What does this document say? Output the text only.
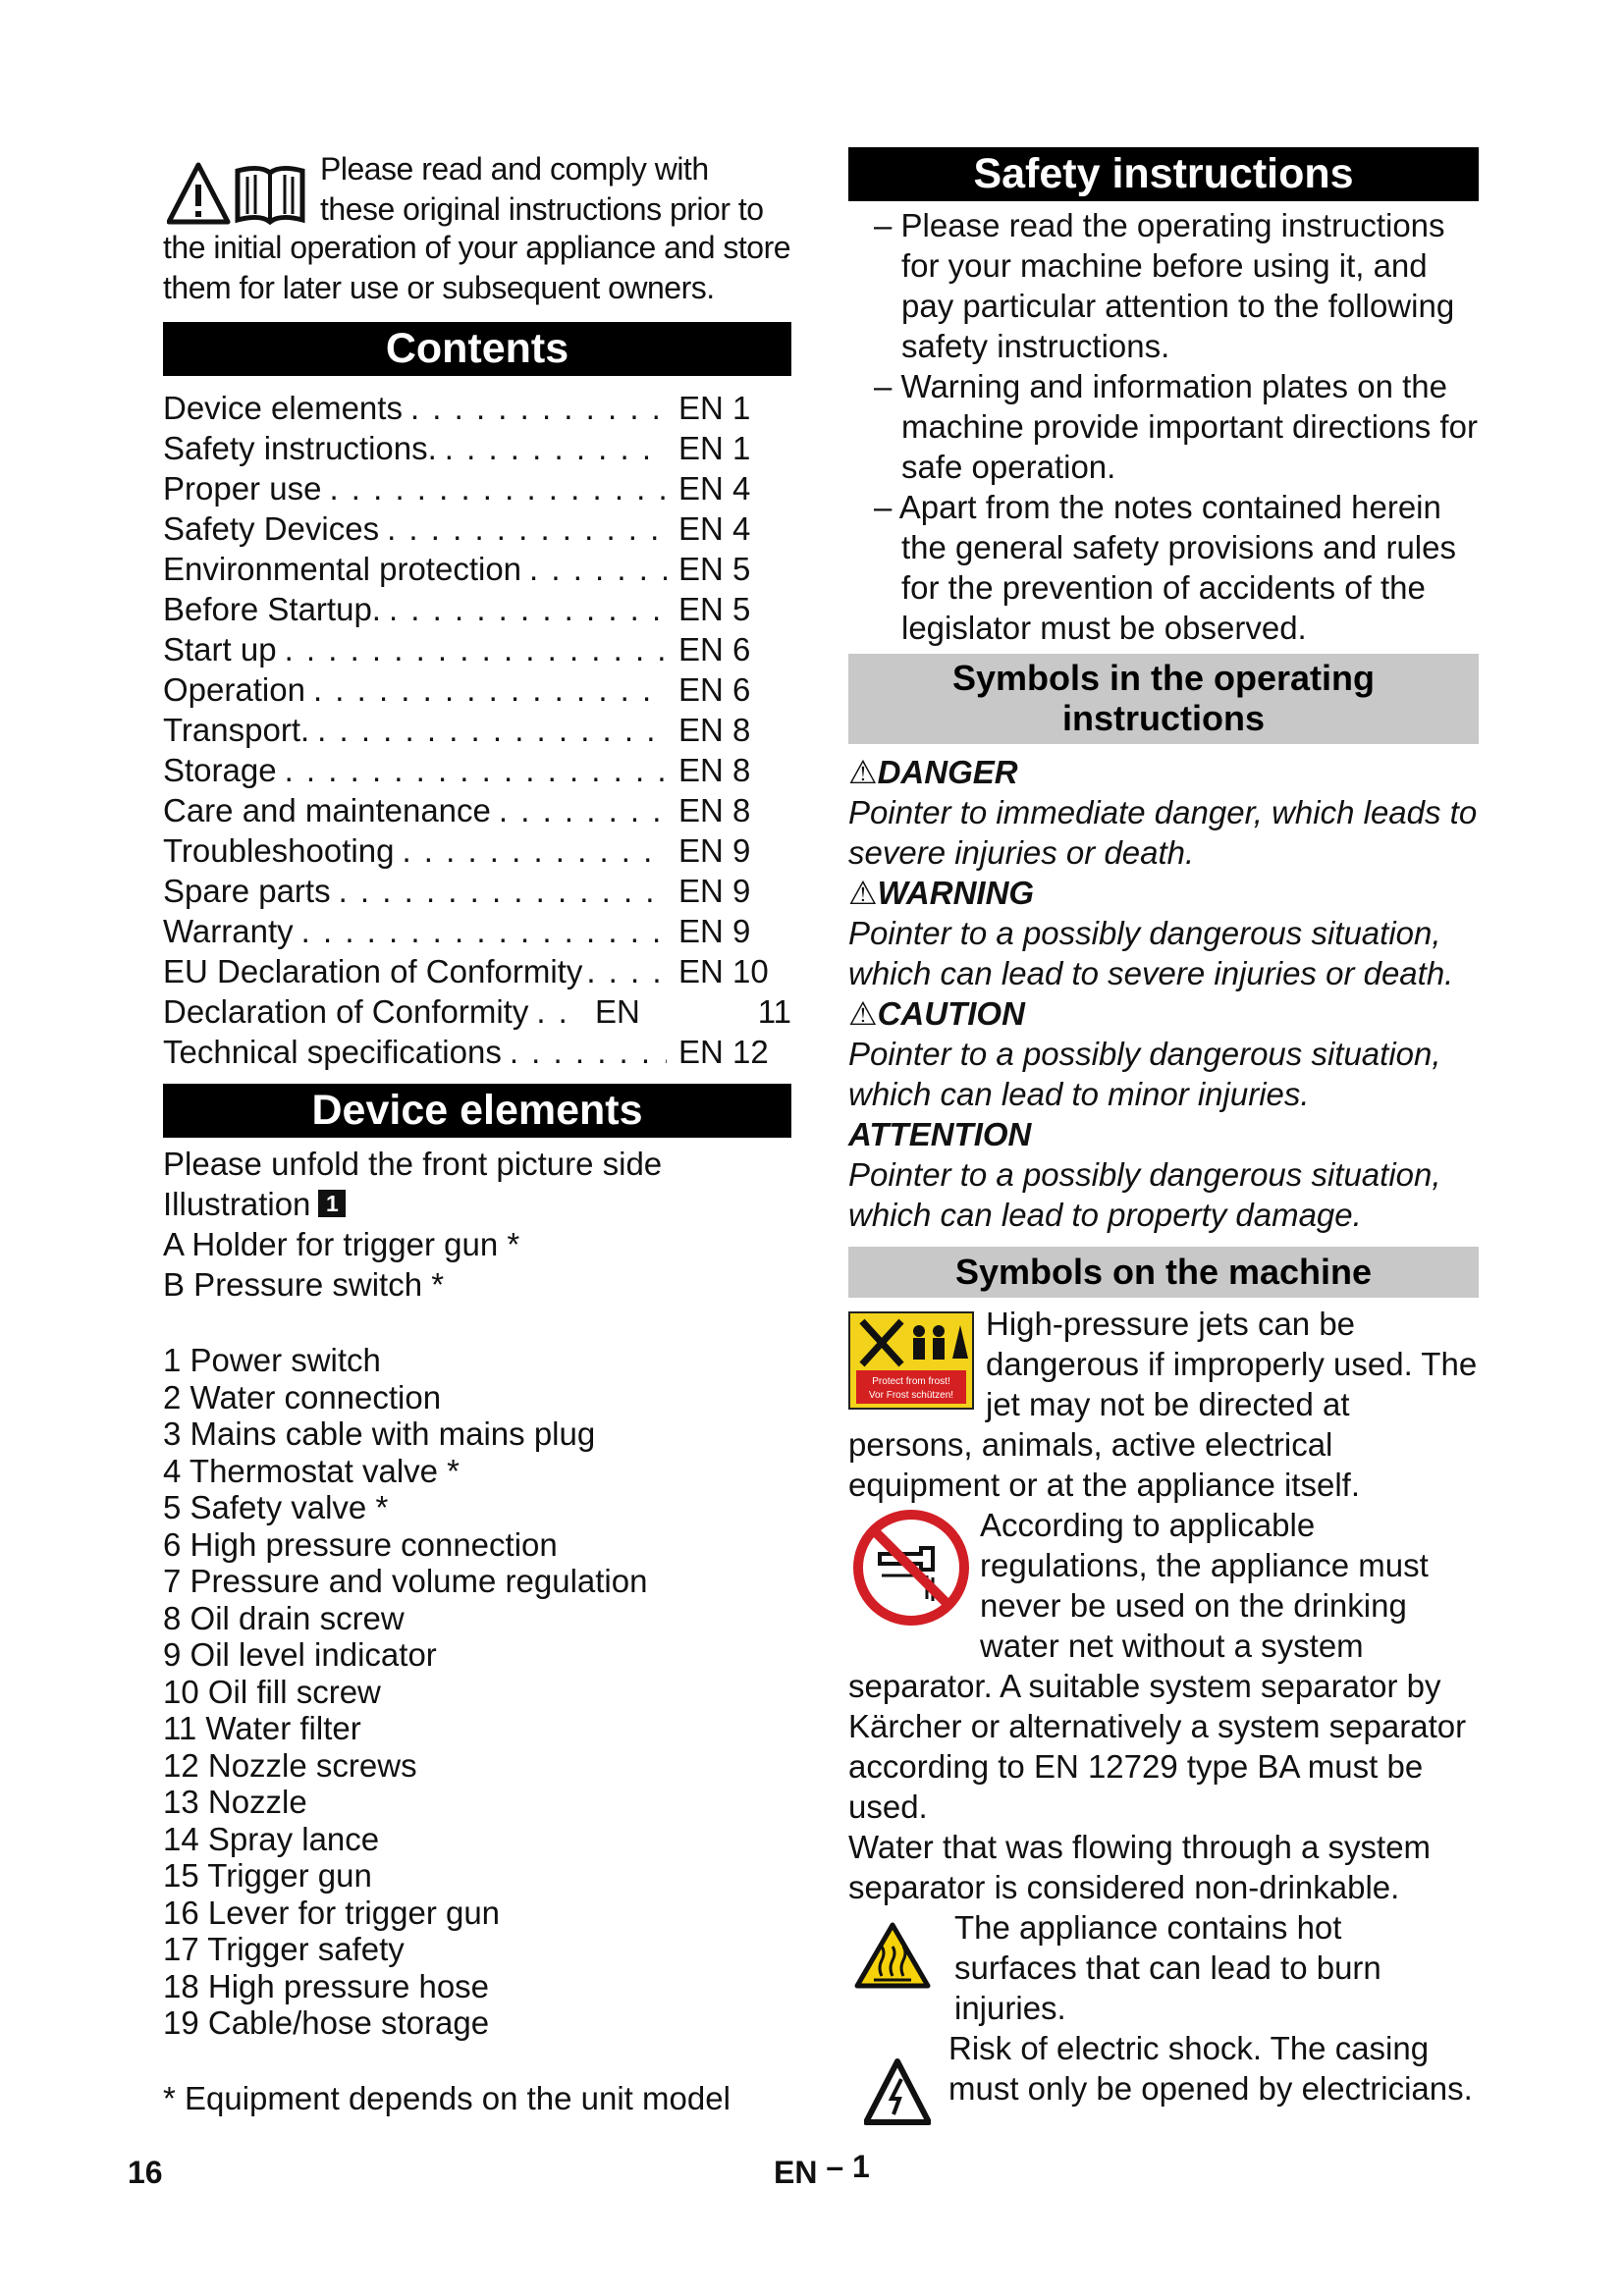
Please read and comply with
these original instructions prior to

the initial operation of your appliance and store them for later use or subsequent owners.

Contents
Device elements . . .	EN 1
Safety instructions. . . .	EN 1
Proper use . . .	EN 4
Safety Devices . . .	EN 4
Environmental protection . . .	EN 5
Before Startup. . . .	EN 5
Start up . . .	EN 6
Operation . . .	EN 6
Transport. . . .	EN 8
Storage . . .	EN 8
Care and maintenance . . .	EN 8
Troubleshooting . . .	EN 9
Spare parts . . .	EN 9
Warranty . . .	EN 9
EU Declaration of Conformity . . .	EN 10
Declaration of Conformity . . . EN	11
Technical specifications . . .	EN 12
Device elements

Please unfold the front picture side

Illustration 1

A Holder for trigger gun *

B Pressure switch *

1 Power switch
2 Water connection
3 Mains cable with mains plug
4 Thermostat valve *
5 Safety valve *
6 High pressure connection
7 Pressure and volume regulation
8 Oil drain screw
9 Oil level indicator
10 Oil fill screw
11 Water filter
12 Nozzle screws
13 Nozzle
14 Spray lance
15 Trigger gun
16 Lever for trigger gun
17 Trigger safety
18 High pressure hose
19 Cable/hose storage

* Equipment depends on the unit model

Safety instructions
– Please read the operating instructions for your machine before using it, and pay particular attention to the following safety instructions.
– Warning and information plates on the machine provide important directions for safe operation.
– Apart from the notes contained herein the general safety provisions and rules for the prevention of accidents of the legislator must be observed.
Symbols in the operating instructions

⚠DANGER

Pointer to immediate danger, which leads to severe injuries or death.

⚠WARNING

Pointer to a possibly dangerous situation, which can lead to severe injuries or death.

⚠CAUTION

Pointer to a possibly dangerous situation, which can lead to minor injuries.

ATTENTION

Pointer to a possibly dangerous situation, which can lead to property damage.

Symbols on the machine
Protect from frost!
Vor Frost schützen!

High-pressure jets can be dangerous if improperly used. The jet may not be directed at persons, animals, active electrical equipment or at the appliance itself.

According to applicable regulations, the appliance must never be used on the drinking water net without a system separator. A suitable system separator by Kärcher or alternatively a system separator according to EN 12729 type BA must be used.

Water that was flowing through a system separator is considered non-drinkable.

The appliance contains hot surfaces that can lead to burn injuries.

Risk of electric shock. The casing must only be opened by electricians.

16	EN – 1
